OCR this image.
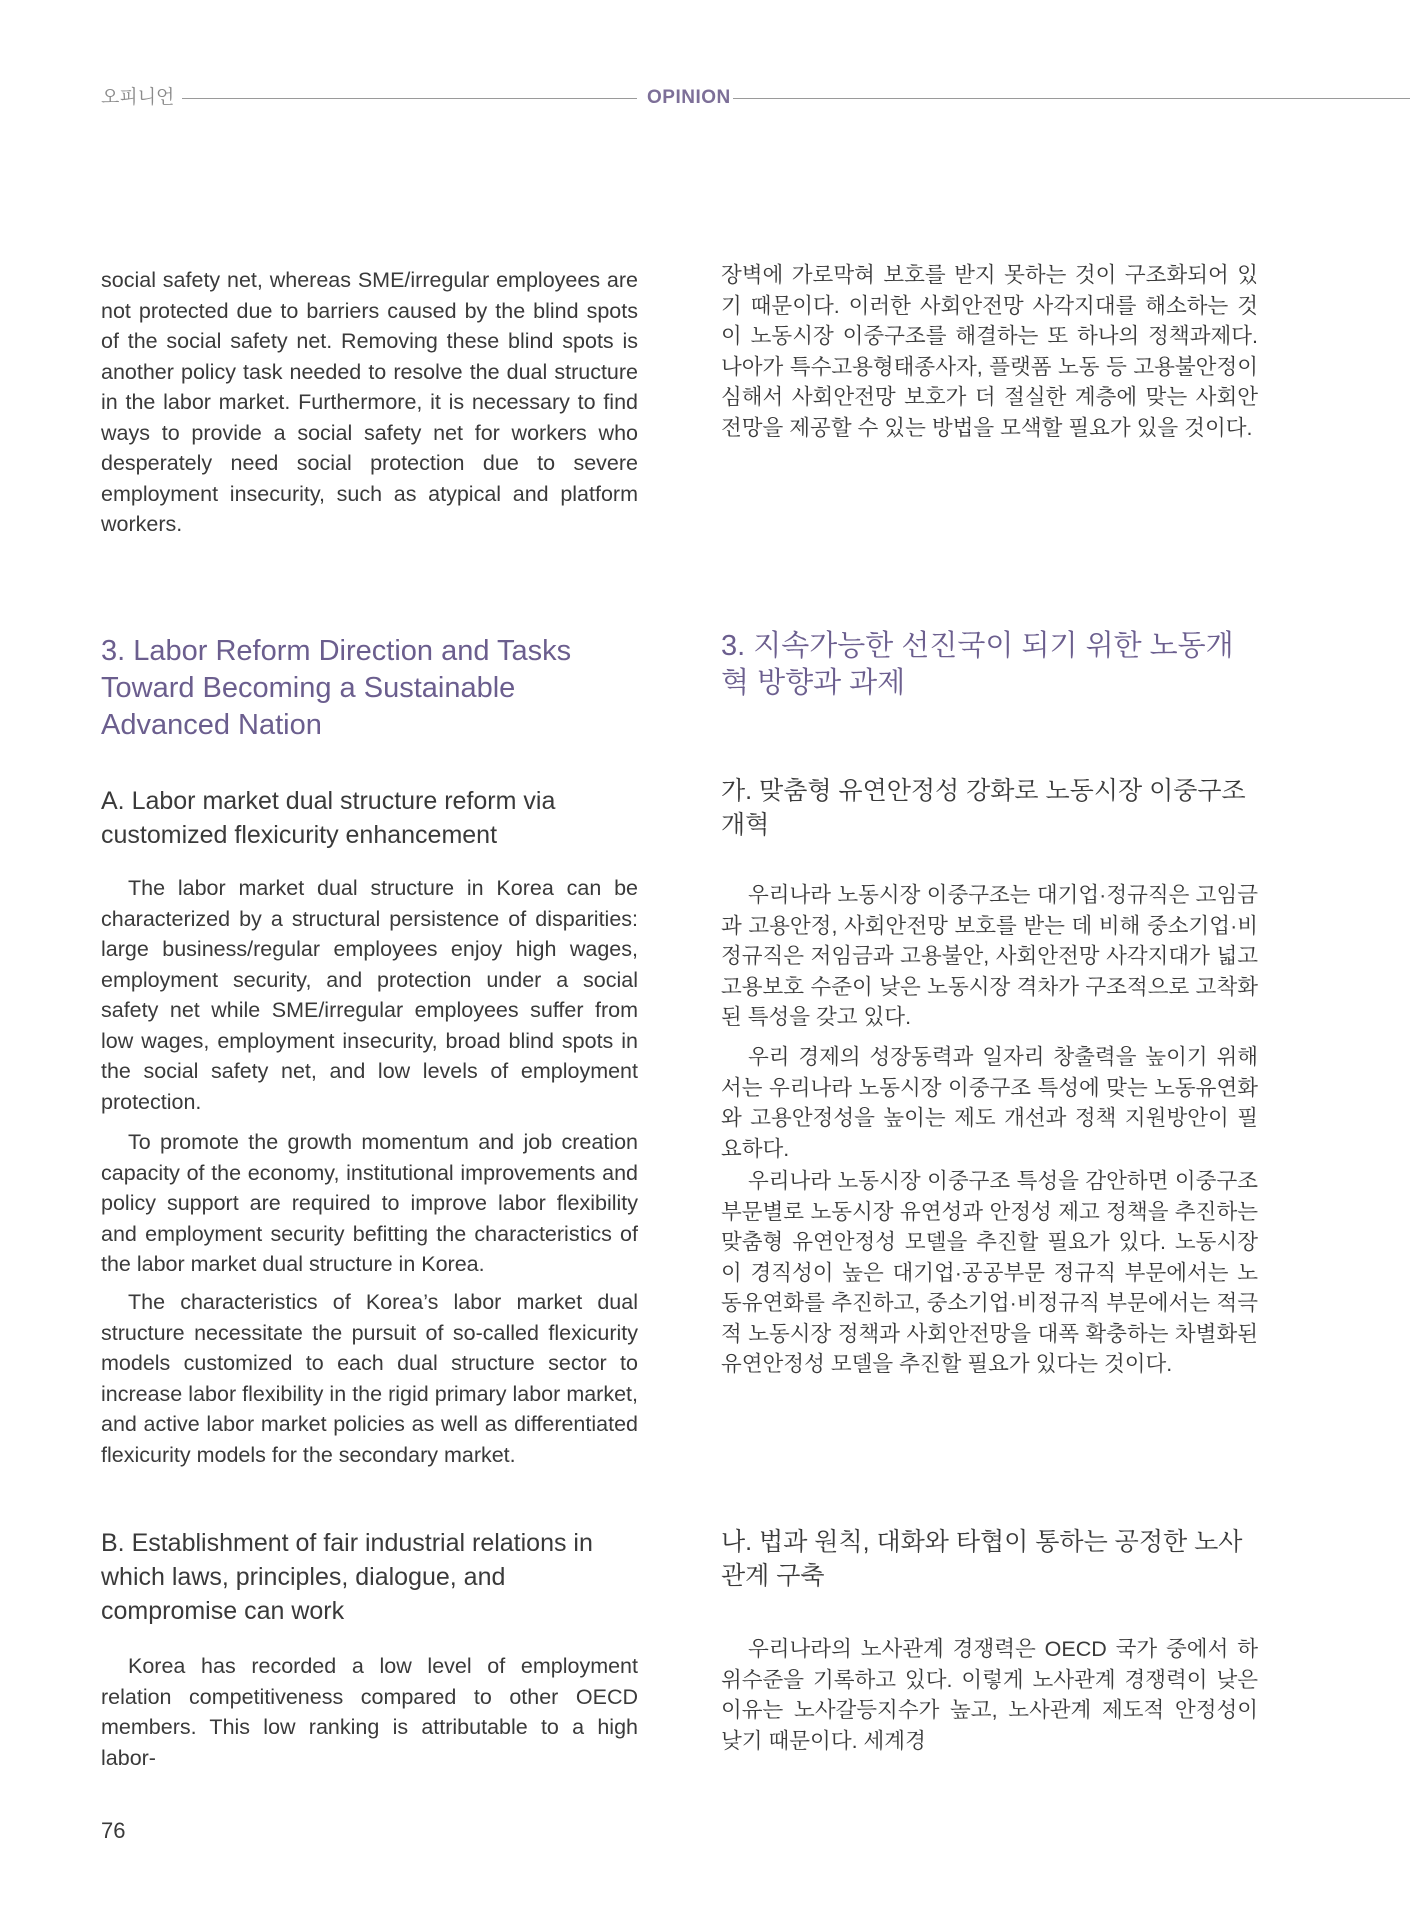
오피니언	OPINION

social safety net, whereas SME/irregular employees are not protected due to barriers caused by the blind spots of the social safety net. Removing these blind spots is another policy task needed to resolve the dual structure in the labor market. Furthermore, it is necessary to find ways to provide a social safety net for workers who desperately need social protection due to severe employment insecurity, such as atypical and platform workers.

3. Labor Reform Direction and Tasks Toward Becoming a Sustainable Advanced Nation
A. Labor market dual structure reform via customized flexicurity enhancement

The labor market dual structure in Korea can be characterized by a structural persistence of disparities: large business/regular employees enjoy high wages, employment security, and protection under a social safety net while SME/irregular employees suffer from low wages, employment insecurity, broad blind spots in the social safety net, and low levels of employment protection.

To promote the growth momentum and job creation capacity of the economy, institutional improvements and policy support are required to improve labor flexibility and employment security befitting the characteristics of the labor market dual structure in Korea.

The characteristics of Korea’s labor market dual structure necessitate the pursuit of so-called flexicurity models customized to each dual structure sector to increase labor flexibility in the rigid primary labor market, and active labor market policies as well as differentiated flexicurity models for the secondary market.

B. Establishment of fair industrial relations in which laws, principles, dialogue, and compromise can work

Korea has recorded a low level of employment relation competitiveness compared to other OECD members. This low ranking is attributable to a high labor-

장벽에 가로막혀 보호를 받지 못하는 것이 구조화되어 있기 때문이다. 이러한 사회안전망 사각지대를 해소하는 것이 노동시장 이중구조를 해결하는 또 하나의 정책과제다. 나아가 특수고용형태종사자, 플랫폼 노동 등 고용불안정이 심해서 사회안전망 보호가 더 절실한 계층에 맞는 사회안전망을 제공할 수 있는 방법을 모색할 필요가 있을 것이다.

3. 지속가능한 선진국이 되기 위한 노동개혁 방향과 과제
가. 맞춤형 유연안정성 강화로 노동시장 이중구조 개혁

우리나라 노동시장 이중구조는 대기업·정규직은 고임금과 고용안정, 사회안전망 보호를 받는 데 비해 중소기업·비정규직은 저임금과 고용불안, 사회안전망 사각지대가 넓고 고용보호 수준이 낮은 노동시장 격차가 구조적으로 고착화된 특성을 갖고 있다.

우리 경제의 성장동력과 일자리 창출력을 높이기 위해서는 우리나라 노동시장 이중구조 특성에 맞는 노동유연화와 고용안정성을 높이는 제도 개선과 정책 지원방안이 필요하다.

우리나라 노동시장 이중구조 특성을 감안하면 이중구조 부문별로 노동시장 유연성과 안정성 제고 정책을 추진하는 맞춤형 유연안정성 모델을 추진할 필요가 있다. 노동시장이 경직성이 높은 대기업·공공부문 정규직 부문에서는 노동유연화를 추진하고, 중소기업·비정규직 부문에서는 적극적 노동시장 정책과 사회안전망을 대폭 확충하는 차별화된 유연안정성 모델을 추진할 필요가 있다는 것이다.

나. 법과 원칙, 대화와 타협이 통하는 공정한 노사관계 구축

우리나라의 노사관계 경쟁력은 OECD 국가 중에서 하위수준을 기록하고 있다. 이렇게 노사관계 경쟁력이 낮은 이유는 노사갈등지수가 높고, 노사관계 제도적 안정성이 낮기 때문이다. 세계경

76
